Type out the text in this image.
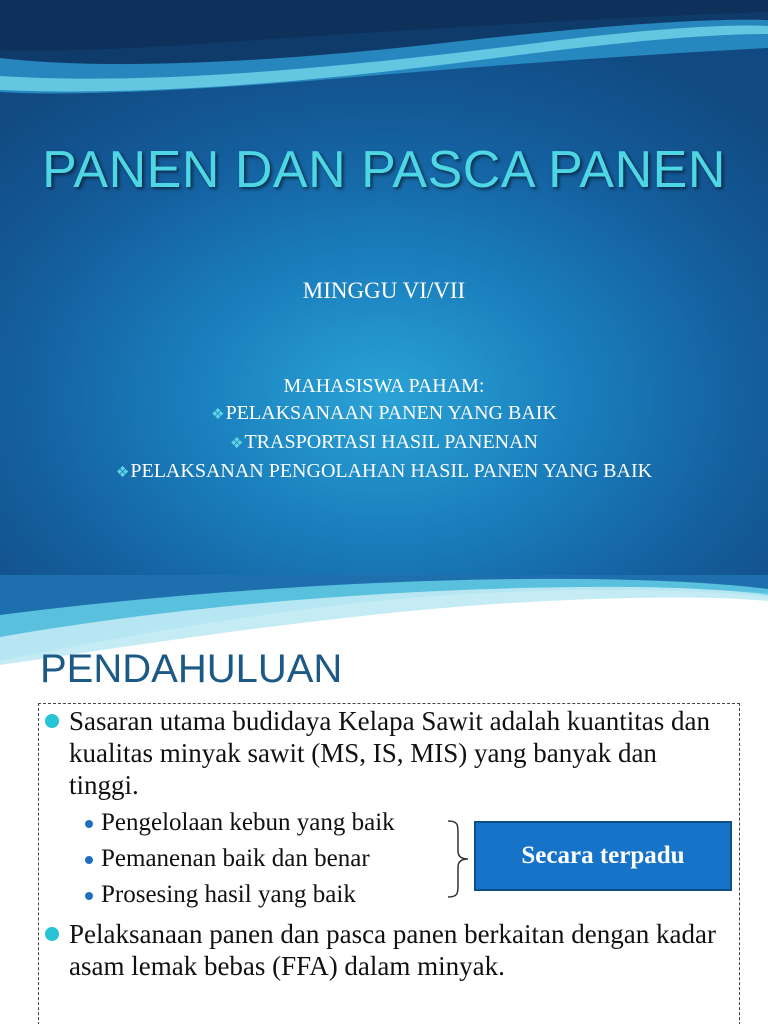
PANEN DAN PASCA PANEN
MINGGU VI/VII
MAHASISWA PAHAM:
❖PELAKSANAAN PANEN YANG BAIK
❖TRASPORTASI HASIL PANENAN
❖PELAKSANAN PENGOLAHAN HASIL PANEN YANG BAIK
PENDAHULUAN
Sasaran utama budidaya Kelapa Sawit adalah kuantitas dan kualitas minyak sawit (MS, IS, MIS) yang banyak dan tinggi.
Pengelolaan kebun yang baik
Pemanenan baik dan benar
Prosesing hasil yang baik
Secara terpadu
Pelaksanaan panen dan pasca panen berkaitan dengan kadar asam lemak bebas (FFA) dalam minyak.
